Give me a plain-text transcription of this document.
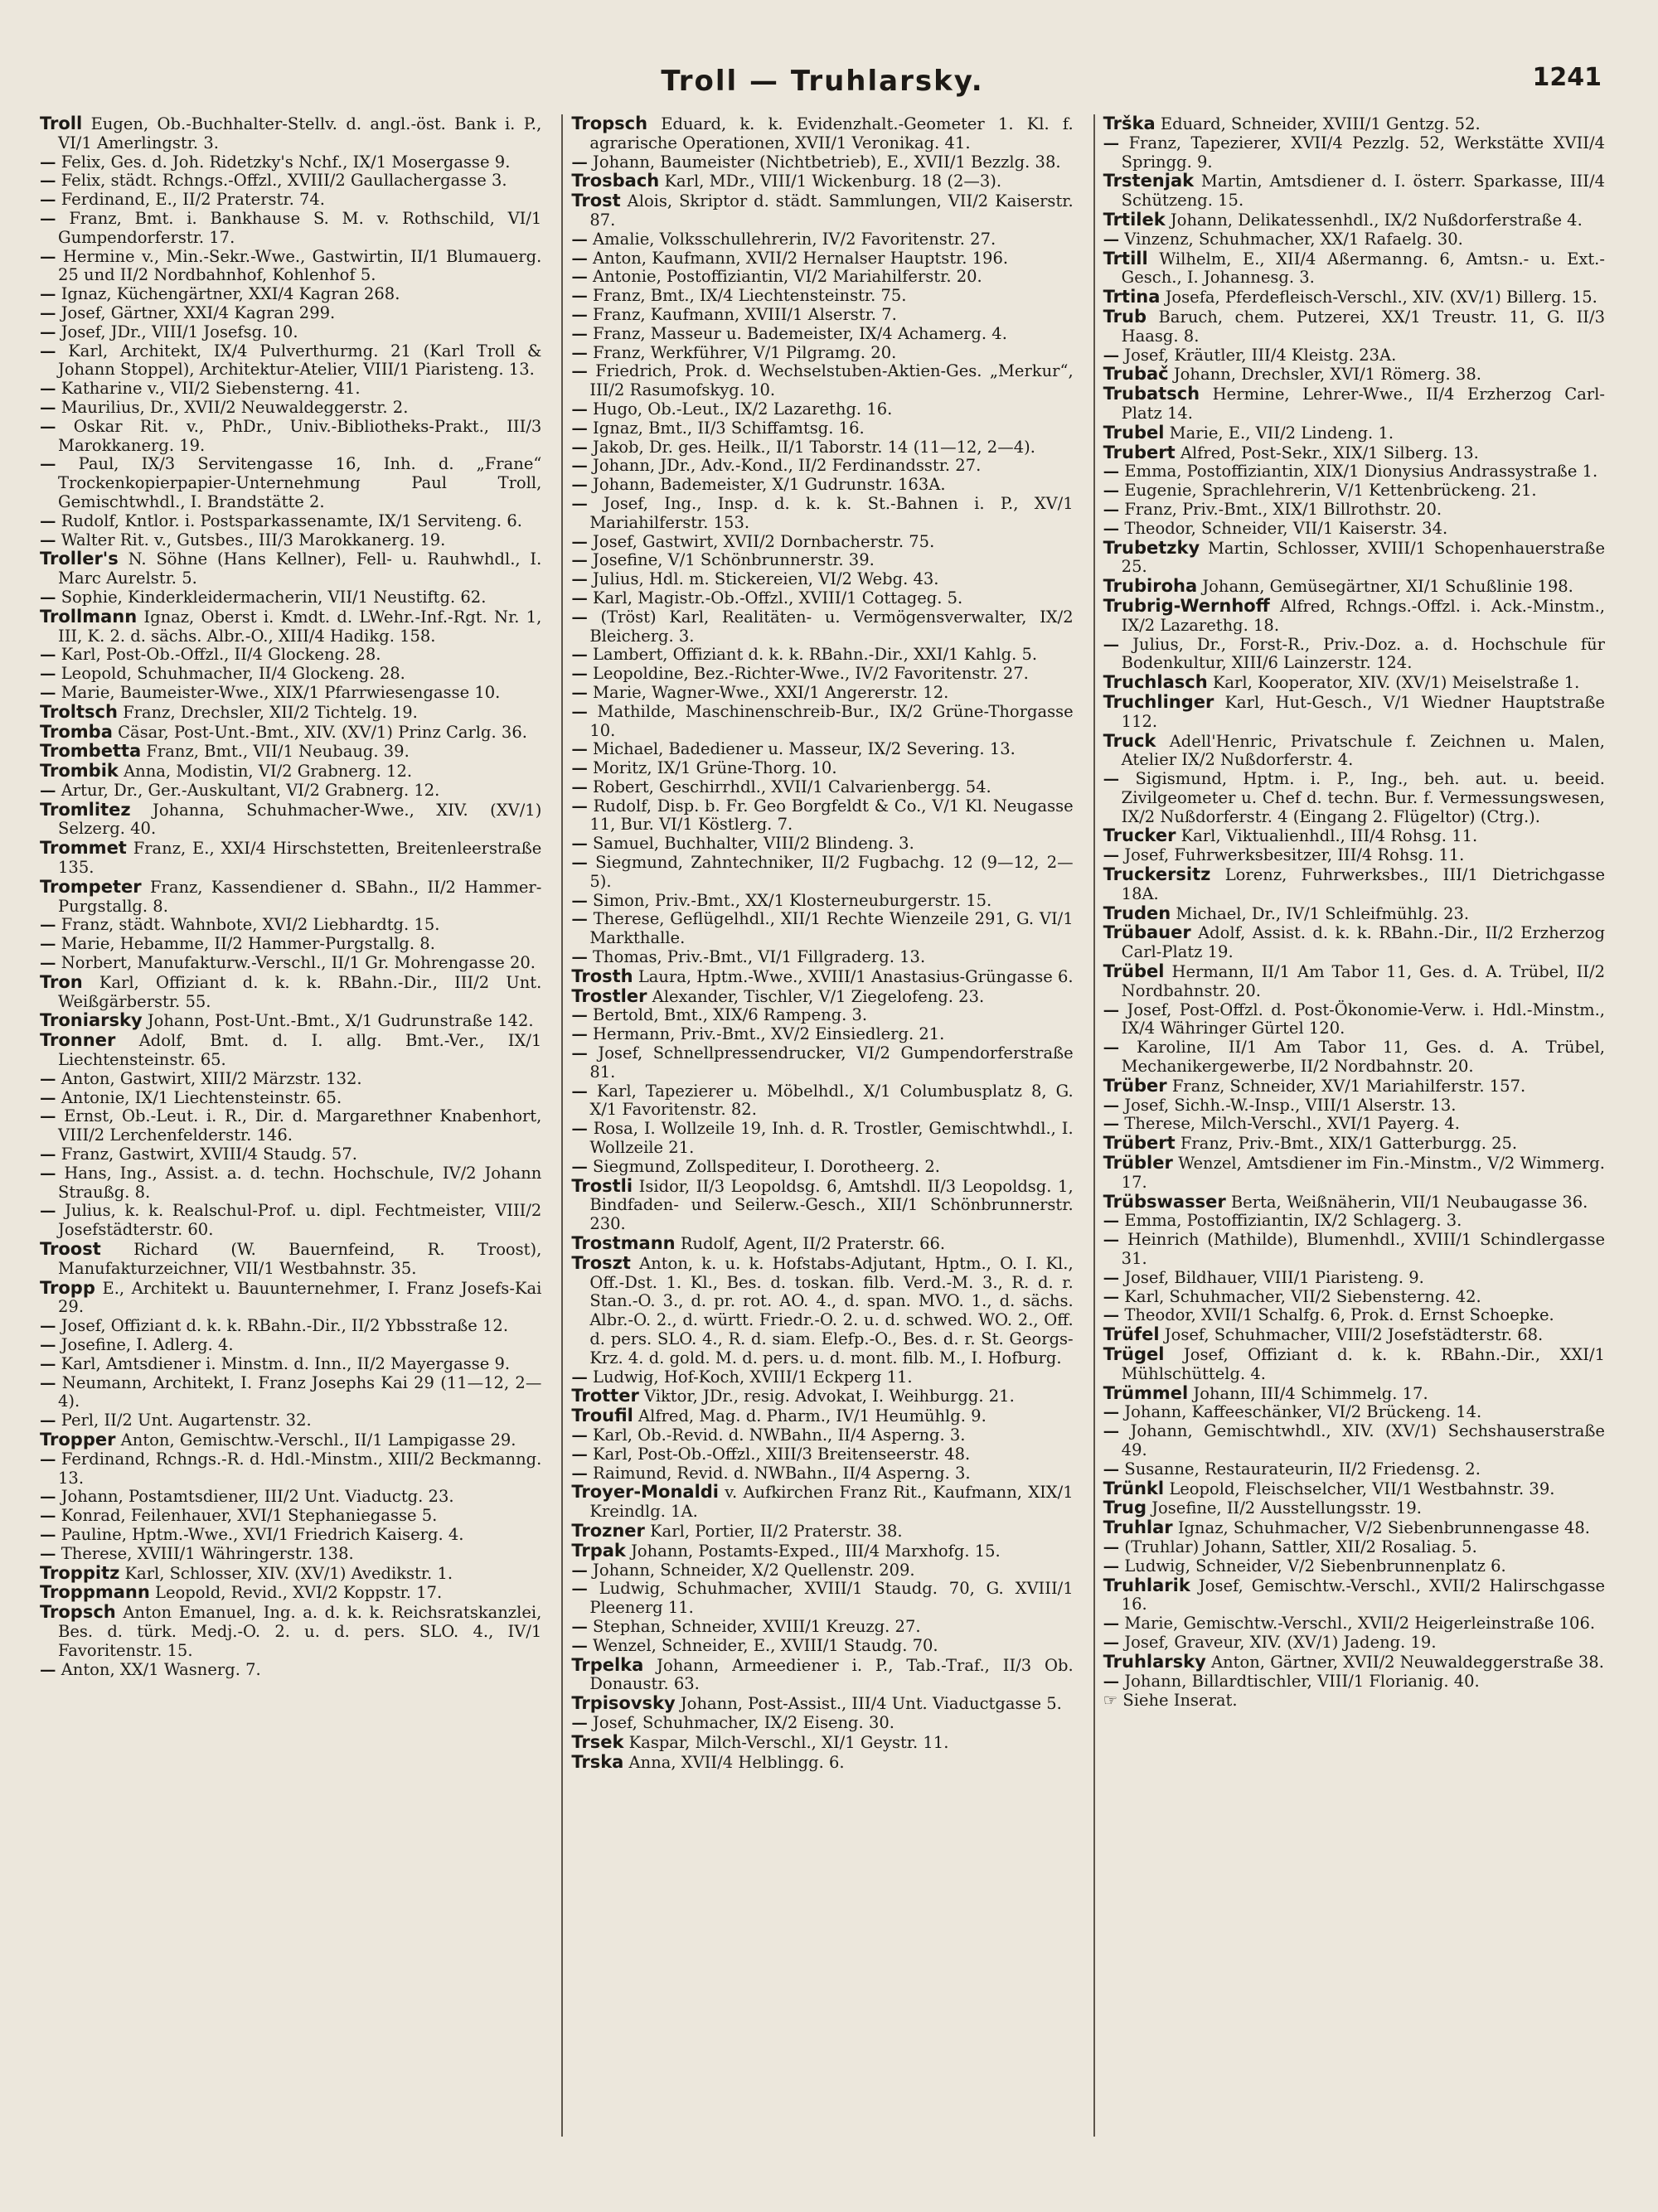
Troll — Truhlarsky.	1241
Troll Eugen, Ob.-Buchhalter-Stellv. d. angl.-öst. Bank i. P., VI/1 Amerlingstr. 3.
— Felix, Ges. d. Joh. Ridetzky's Nchf., IX/1 Mosergasse 9.
— Felix, städt. Rchngs.-Offzl., XVIII/2 Gaullachergasse 3.
— Ferdinand, E., II/2 Praterstr. 74.
— Franz, Bmt. i. Bankhause S. M. v. Rothschild, VI/1 Gumpendorferstr. 17.
— Hermine v., Min.-Sekr.-Wwe., Gastwirtin, II/1 Blumauerg. 25 und II/2 Nordbahnhof, Kohlenhof 5.
— Ignaz, Küchengärtner, XXI/4 Kagran 268.
— Josef, Gärtner, XXI/4 Kagran 299.
— Josef, JDr., VIII/1 Josefsg. 10.
— Karl, Architekt, IX/4 Pulverthurmg. 21 (Karl Troll & Johann Stoppel), Architektur-Atelier, VIII/1 Piaristeng. 13.
— Katharine v., VII/2 Siebensterng. 41.
— Maurilius, Dr., XVII/2 Neuwaldeggerstr. 2.
— Oskar Rit. v., PhDr., Univ.-Bibliotheks-Prakt., III/3 Marokkanerg. 19.
— Paul, IX/3 Servitengasse 16, Inh. d. „Frane“ Trockenkopierpapier-Unternehmung Paul Troll, Gemischtwhdl., I. Brandstätte 2.
— Rudolf, Kntlor. i. Postsparkassenamte, IX/1 Serviteng. 6.
— Walter Rit. v., Gutsbes., III/3 Marokkanerg. 19.
Troller's N. Söhne (Hans Kellner), Fell- u. Rauhwhdl., I. Marc Aurelstr. 5.
— Sophie, Kinderkleidermacherin, VII/1 Neustiftg. 62.
Trollmann Ignaz, Oberst i. Kmdt. d. LWehr.-Inf.-Rgt. Nr. 1, III, K. 2. d. sächs. Albr.-O., XIII/4 Hadikg. 158.
— Karl, Post-Ob.-Offzl., II/4 Glockeng. 28.
— Leopold, Schuhmacher, II/4 Glockeng. 28.
— Marie, Baumeister-Wwe., XIX/1 Pfarrwiesengasse 10.
Troltsch Franz, Drechsler, XII/2 Tichtelg. 19.
Tromba Cäsar, Post-Unt.-Bmt., XIV. (XV/1) Prinz Carlg. 36.
Trombetta Franz, Bmt., VII/1 Neubaug. 39.
Trombik Anna, Modistin, VI/2 Grabnerg. 12.
— Artur, Dr., Ger.-Auskultant, VI/2 Grabnerg. 12.
Tromlitez Johanna, Schuhmacher-Wwe., XIV. (XV/1) Selzerg. 40.
Trommet Franz, E., XXI/4 Hirschstetten, Breitenleerstraße 135.
Trompeter Franz, Kassendiener d. SBahn., II/2 Hammer-Purgstallg. 8.
— Franz, städt. Wahnbote, XVI/2 Liebhardtg. 15.
— Marie, Hebamme, II/2 Hammer-Purgstallg. 8.
— Norbert, Manufakturw.-Verschl., II/1 Gr. Mohrengasse 20.
Tron Karl, Offiziant d. k. k. RBahn.-Dir., III/2 Unt. Weißgärberstr. 55.
Troniarsky Johann, Post-Unt.-Bmt., X/1 Gudrunstraße 142.
Tronner Adolf, Bmt. d. I. allg. Bmt.-Ver., IX/1 Liechtensteinstr. 65.
— Anton, Gastwirt, XIII/2 Märzstr. 132.
— Antonie, IX/1 Liechtensteinstr. 65.
— Ernst, Ob.-Leut. i. R., Dir. d. Margarethner Knabenhort, VIII/2 Lerchenfelderstr. 146.
— Franz, Gastwirt, XVIII/4 Staudg. 57.
— Hans, Ing., Assist. a. d. techn. Hochschule, IV/2 Johann Straußg. 8.
— Julius, k. k. Realschul-Prof. u. dipl. Fechtmeister, VIII/2 Josefstädterstr. 60.
Troost Richard (W. Bauernfeind, R. Troost), Manufakturzeichner, VII/1 Westbahnstr. 35.
Tropp E., Architekt u. Bauunternehmer, I. Franz Josefs-Kai 29.
— Josef, Offiziant d. k. k. RBahn.-Dir., II/2 Ybbsstraße 12.
— Josefine, I. Adlerg. 4.
— Karl, Amtsdiener i. Minstm. d. Inn., II/2 Mayergasse 9.
— Neumann, Architekt, I. Franz Josephs Kai 29 (11—12, 2—4).
— Perl, II/2 Unt. Augartenstr. 32.
Tropper Anton, Gemischtw.-Verschl., II/1 Lampigasse 29.
— Ferdinand, Rchngs.-R. d. Hdl.-Minstm., XIII/2 Beckmanng. 13.
— Johann, Postamtsdiener, III/2 Unt. Viaductg. 23.
— Konrad, Feilenhauer, XVI/1 Stephaniegasse 5.
— Pauline, Hptm.-Wwe., XVI/1 Friedrich Kaiserg. 4.
— Therese, XVIII/1 Währingerstr. 138.
Troppitz Karl, Schlosser, XIV. (XV/1) Avedikstr. 1.
Troppmann Leopold, Revid., XVI/2 Koppstr. 17.
Tropsch Anton Emanuel, Ing. a. d. k. k. Reichsratskanzlei, Bes. d. türk. Medj.-O. 2. u. d. pers. SLO. 4., IV/1 Favoritenstr. 15.
— Anton, XX/1 Wasnerg. 7.
Tropsch Eduard, k. k. Evidenzhalt.-Geometer 1. Kl. f. agrarische Operationen, XVII/1 Veronikag. 41.
— Johann, Baumeister (Nichtbetrieb), E., XVII/1 Bezzlg. 38.
Trosbach Karl, MDr., VIII/1 Wickenburg. 18 (2—3).
Trost Alois, Skriptor d. städt. Sammlungen, VII/2 Kaiserstr. 87.
— Amalie, Volksschullehrerin, IV/2 Favoritenstr. 27.
— Anton, Kaufmann, XVII/2 Hernalser Hauptstr. 196.
— Antonie, Postoffiziantin, VI/2 Mariahilferstr. 20.
— Franz, Bmt., IX/4 Liechtensteinstr. 75.
— Franz, Kaufmann, XVIII/1 Alserstr. 7.
— Franz, Masseur u. Bademeister, IX/4 Achamerg. 4.
— Franz, Werkführer, V/1 Pilgramg. 20.
— Friedrich, Prok. d. Wechselstuben-Aktien-Ges. „Merkur“, III/2 Rasumofskyg. 10.
— Hugo, Ob.-Leut., IX/2 Lazarethg. 16.
— Ignaz, Bmt., II/3 Schiffamtsg. 16.
— Jakob, Dr. ges. Heilk., II/1 Taborstr. 14 (11—12, 2—4).
— Johann, JDr., Adv.-Kond., II/2 Ferdinandsstr. 27.
— Johann, Bademeister, X/1 Gudrunstr. 163A.
— Josef, Ing., Insp. d. k. k. St.-Bahnen i. P., XV/1 Mariahilferstr. 153.
— Josef, Gastwirt, XVII/2 Dornbacherstr. 75.
— Josefine, V/1 Schönbrunnerstr. 39.
— Julius, Hdl. m. Stickereien, VI/2 Webg. 43.
— Karl, Magistr.-Ob.-Offzl., XVIII/1 Cottageg. 5.
— (Tröst) Karl, Realitäten- u. Vermögensverwalter, IX/2 Bleicherg. 3.
— Lambert, Offiziant d. k. k. RBahn.-Dir., XXI/1 Kahlg. 5.
— Leopoldine, Bez.-Richter-Wwe., IV/2 Favoritenstr. 27.
— Marie, Wagner-Wwe., XXI/1 Angererstr. 12.
— Mathilde, Maschinenschreib-Bur., IX/2 Grüne-Thorgasse 10.
— Michael, Badediener u. Masseur, IX/2 Severing. 13.
— Moritz, IX/1 Grüne-Thorg. 10.
— Robert, Geschirrhdl., XVII/1 Calvarienbergg. 54.
— Rudolf, Disp. b. Fr. Geo Borgfeldt & Co., V/1 Kl. Neugasse 11, Bur. VI/1 Köstlerg. 7.
— Samuel, Buchhalter, VIII/2 Blindeng. 3.
— Siegmund, Zahntechniker, II/2 Fugbachg. 12 (9—12, 2—5).
— Simon, Priv.-Bmt., XX/1 Klosterneuburgerstr. 15.
— Therese, Geflügelhdl., XII/1 Rechte Wienzeile 291, G. VI/1 Markthalle.
— Thomas, Priv.-Bmt., VI/1 Fillgraderg. 13.
Trosth Laura, Hptm.-Wwe., XVIII/1 Anastasius-Grüngasse 6.
Trostler Alexander, Tischler, V/1 Ziegelofeng. 23.
— Bertold, Bmt., XIX/6 Rampeng. 3.
— Hermann, Priv.-Bmt., XV/2 Einsiedlerg. 21.
— Josef, Schnellpressendrucker, VI/2 Gumpendorferstraße 81.
— Karl, Tapezierer u. Möbelhdl., X/1 Columbusplatz 8, G. X/1 Favoritenstr. 82.
— Rosa, I. Wollzeile 19, Inh. d. R. Trostler, Gemischtwhdl., I. Wollzeile 21.
— Siegmund, Zollspediteur, I. Dorotheerg. 2.
Trostli Isidor, II/3 Leopoldsg. 6, Amtshdl. II/3 Leopoldsg. 1, Bindfaden- und Seilerw.-Gesch., XII/1 Schönbrunnerstr. 230.
Trostmann Rudolf, Agent, II/2 Praterstr. 66.
Troszt Anton, k. u. k. Hofstabs-Adjutant, Hptm., O. I. Kl., Off.-Dst. 1. Kl., Bes. d. toskan. filb. Verd.-M. 3., R. d. r. Stan.-O. 3., d. pr. rot. AO. 4., d. span. MVO. 1., d. sächs. Albr.-O. 2., d. württ. Friedr.-O. 2. u. d. schwed. WO. 2., Off. d. pers. SLO. 4., R. d. siam. Elefp.-O., Bes. d. r. St. Georgs-Krz. 4. d. gold. M. d. pers. u. d. mont. filb. M., I. Hofburg.
— Ludwig, Hof-Koch, XVIII/1 Eckperg 11.
Trotter Viktor, JDr., resig. Advokat, I. Weihburgg. 21.
Troufil Alfred, Mag. d. Pharm., IV/1 Heumühlg. 9.
— Karl, Ob.-Revid. d. NWBahn., II/4 Asperng. 3.
— Karl, Post-Ob.-Offzl., XIII/3 Breitenseerstr. 48.
— Raimund, Revid. d. NWBahn., II/4 Asperng. 3.
Troyer-Monaldi v. Aufkirchen Franz Rit., Kaufmann, XIX/1 Kreindlg. 1A.
Trozner Karl, Portier, II/2 Praterstr. 38.
Trpak Johann, Postamts-Exped., III/4 Marxhofg. 15.
— Johann, Schneider, X/2 Quellenstr. 209.
— Ludwig, Schuhmacher, XVIII/1 Staudg. 70, G. XVIII/1 Pleenerg 11.
— Stephan, Schneider, XVIII/1 Kreuzg. 27.
— Wenzel, Schneider, E., XVIII/1 Staudg. 70.
Trpelka Johann, Armeediener i. P., Tab.-Traf., II/3 Ob. Donaustr. 63.
Trpisovsky Johann, Post-Assist., III/4 Unt. Viaductgasse 5.
— Josef, Schuhmacher, IX/2 Eiseng. 30.
Trsek Kaspar, Milch-Verschl., XI/1 Geystr. 11.
Trska Anna, XVII/4 Helblingg. 6.
Trška Eduard, Schneider, XVIII/1 Gentzg. 52.
— Franz, Tapezierer, XVII/4 Pezzlg. 52, Werkstätte XVII/4 Springg. 9.
Trstenjak Martin, Amtsdiener d. I. österr. Sparkasse, III/4 Schützeng. 15.
Trtilek Johann, Delikatessenhdl., IX/2 Nußdorferstraße 4.
— Vinzenz, Schuhmacher, XX/1 Rafaelg. 30.
Trtill Wilhelm, E., XII/4 Aßermanng. 6, Amtsn.- u. Ext.-Gesch., I. Johannesg. 3.
Trtina Josefa, Pferdefleisch-Verschl., XIV. (XV/1) Billerg. 15.
Trub Baruch, chem. Putzerei, XX/1 Treustr. 11, G. II/3 Haasg. 8.
— Josef, Kräutler, III/4 Kleistg. 23A.
Trubač Johann, Drechsler, XVI/1 Römerg. 38.
Trubatsch Hermine, Lehrer-Wwe., II/4 Erzherzog Carl-Platz 14.
Trubel Marie, E., VII/2 Lindeng. 1.
Trubert Alfred, Post-Sekr., XIX/1 Silberg. 13.
— Emma, Postoffiziantin, XIX/1 Dionysius Andrassystraße 1.
— Eugenie, Sprachlehrerin, V/1 Kettenbrückeng. 21.
— Franz, Priv.-Bmt., XIX/1 Billrothstr. 20.
— Theodor, Schneider, VII/1 Kaiserstr. 34.
Trubetzky Martin, Schlosser, XVIII/1 Schopenhauerstraße 25.
Trubiroha Johann, Gemüsegärtner, XI/1 Schußlinie 198.
Trubrig-Wernhoff Alfred, Rchngs.-Offzl. i. Ack.-Minstm., IX/2 Lazarethg. 18.
— Julius, Dr., Forst-R., Priv.-Doz. a. d. Hochschule für Bodenkultur, XIII/6 Lainzerstr. 124.
Truchlasch Karl, Kooperator, XIV. (XV/1) Meiselstraße 1.
Truchlinger Karl, Hut-Gesch., V/1 Wiedner Hauptstraße 112.
Truck Adell'Henric, Privatschule f. Zeichnen u. Malen, Atelier IX/2 Nußdorferstr. 4.
— Sigismund, Hptm. i. P., Ing., beh. aut. u. beeid. Zivilgeometer u. Chef d. techn. Bur. f. Vermessungswesen, IX/2 Nußdorferstr. 4 (Eingang 2. Flügeltor) (Ctrg.).
Trucker Karl, Viktualienhdl., III/4 Rohsg. 11.
— Josef, Fuhrwerksbesitzer, III/4 Rohsg. 11.
Truckersitz Lorenz, Fuhrwerksbes., III/1 Dietrichgasse 18A.
Truden Michael, Dr., IV/1 Schleifmühlg. 23.
Trübauer Adolf, Assist. d. k. k. RBahn.-Dir., II/2 Erzherzog Carl-Platz 19.
Trübel Hermann, II/1 Am Tabor 11, Ges. d. A. Trübel, II/2 Nordbahnstr. 20.
— Josef, Post-Offzl. d. Post-Ökonomie-Verw. i. Hdl.-Minstm., IX/4 Währinger Gürtel 120.
— Karoline, II/1 Am Tabor 11, Ges. d. A. Trübel, Mechanikergewerbe, II/2 Nordbahnstr. 20.
Trüber Franz, Schneider, XV/1 Mariahilferstr. 157.
— Josef, Sichh.-W.-Insp., VIII/1 Alserstr. 13.
— Therese, Milch-Verschl., XVI/1 Payerg. 4.
Trübert Franz, Priv.-Bmt., XIX/1 Gatterburgg. 25.
Trübler Wenzel, Amtsdiener im Fin.-Minstm., V/2 Wimmerg. 17.
Trübswasser Berta, Weißnäherin, VII/1 Neubaugasse 36.
— Emma, Postoffiziantin, IX/2 Schlagerg. 3.
— Heinrich (Mathilde), Blumenhdl., XVIII/1 Schindlergasse 31.
— Josef, Bildhauer, VIII/1 Piaristeng. 9.
— Karl, Schuhmacher, VII/2 Siebensterng. 42.
— Theodor, XVII/1 Schalfg. 6, Prok. d. Ernst Schoepke.
Trüfel Josef, Schuhmacher, VIII/2 Josefstädterstr. 68.
Trügel Josef, Offiziant d. k. k. RBahn.-Dir., XXI/1 Mühlschüttelg. 4.
Trümmel Johann, III/4 Schimmelg. 17.
— Johann, Kaffeeschänker, VI/2 Brückeng. 14.
— Johann, Gemischtwhdl., XIV. (XV/1) Sechshauserstraße 49.
— Susanne, Restaurateurin, II/2 Friedensg. 2.
Trünkl Leopold, Fleischselcher, VII/1 Westbahnstr. 39.
Trug Josefine, II/2 Ausstellungsstr. 19.
Truhlar Ignaz, Schuhmacher, V/2 Siebenbrunnengasse 48.
— (Truhlar) Johann, Sattler, XII/2 Rosaliag. 5.
— Ludwig, Schneider, V/2 Siebenbrunnenplatz 6.
Truhlarik Josef, Gemischtw.-Verschl., XVII/2 Halirschgasse 16.
— Marie, Gemischtw.-Verschl., XVII/2 Heigerleinstraße 106.
— Josef, Graveur, XIV. (XV/1) Jadeng. 19.
Truhlarsky Anton, Gärtner, XVII/2 Neuwaldeggerstraße 38.
— Johann, Billardtischler, VIII/1 Florianig. 40.
☞ Siehe Inserat.
